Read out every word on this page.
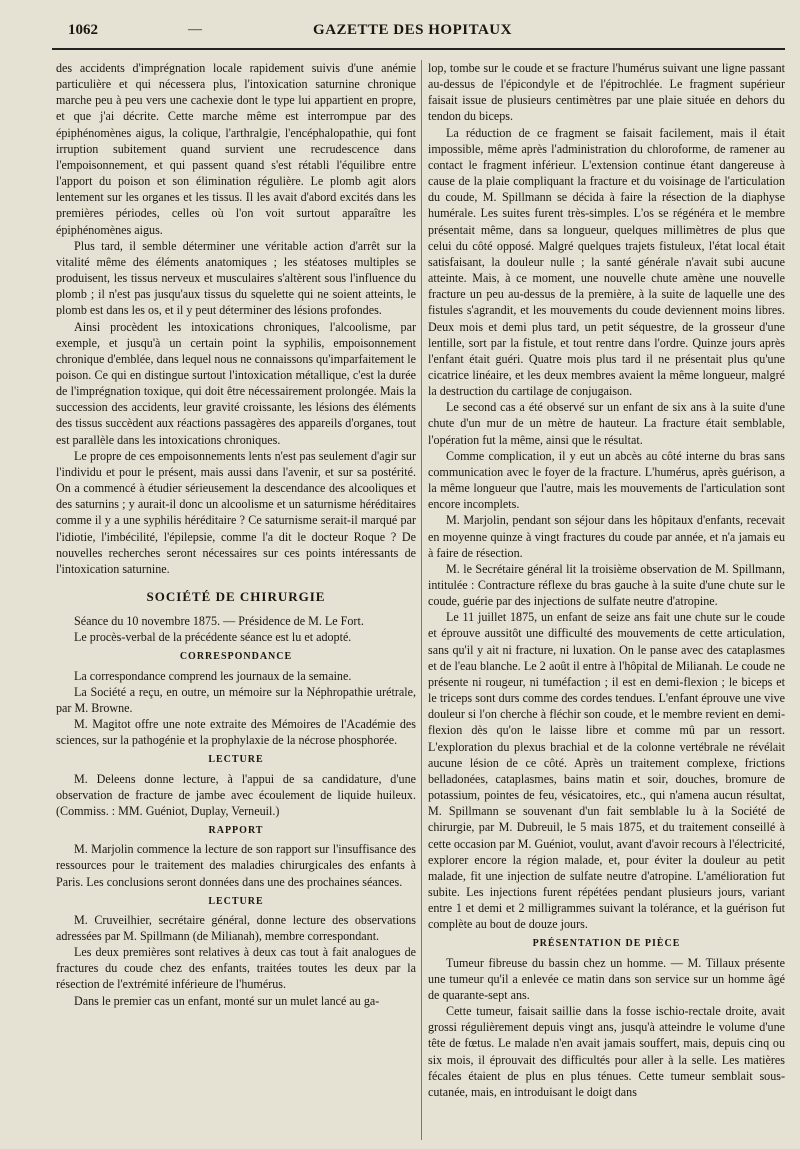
1062	—	GAZETTE DES HOPITAUX

des accidents d'imprégnation locale rapidement suivis d'une anémie particulière et qui nécessera plus, l'intoxication saturnine chronique marche peu à peu vers une cachexie dont le type lui appartient en propre, et que j'ai décrite. Cette marche même est interrompue par des épiphénomènes aigus, la colique, l'arthralgie, l'encéphalopathie, qui font irruption subitement quand survient une recrudescence dans l'empoisonnement, et qui passent quand s'est rétabli l'équilibre entre l'apport du poison et son élimination régulière. Le plomb agit alors lentement sur les organes et les tissus. Il les avait d'abord excités dans les premières périodes, celles où l'on voit surtout apparaître les épiphénomènes aigus.

Plus tard, il semble déterminer une véritable action d'arrêt sur la vitalité même des éléments anatomiques ; les stéatoses multiples se produisent, les tissus nerveux et musculaires s'altèrent sous l'influence du plomb ; il n'est pas jusqu'aux tissus du squelette qui ne soient atteints, le plomb est dans les os, et il y peut déterminer des lésions profondes.

Ainsi procèdent les intoxications chroniques, l'alcoolisme, par exemple, et jusqu'à un certain point la syphilis, empoisonnement chronique d'emblée, dans lequel nous ne connaissons qu'imparfaitement le poison. Ce qui en distingue surtout l'intoxication métallique, c'est la durée de l'imprégnation toxique, qui doit être nécessairement prolongée. Mais la succession des accidents, leur gravité croissante, les lésions des éléments des tissus succèdent aux réactions passagères des appareils d'organes, tout est parallèle dans les intoxications chroniques.

Le propre de ces empoisonnements lents n'est pas seulement d'agir sur l'individu et pour le présent, mais aussi dans l'avenir, et sur sa postérité. On a commencé à étudier sérieusement la descendance des alcooliques et des saturnins ; y aurait-il donc un alcoolisme et un saturnisme héréditaires comme il y a une syphilis héréditaire ? Ce saturnisme serait-il marqué par l'idiotie, l'imbécilité, l'épilepsie, comme l'a dit le docteur Roque ? De nouvelles recherches seront nécessaires sur ces points intéressants de l'intoxication saturnine.

SOCIÉTÉ DE CHIRURGIE

Séance du 10 novembre 1875. — Présidence de M. Le Fort.

Le procès-verbal de la précédente séance est lu et adopté.

CORRESPONDANCE

La correspondance comprend les journaux de la semaine.

La Société a reçu, en outre, un mémoire sur la Néphropathie urétrale, par M. Browne.

M. Magitot offre une note extraite des Mémoires de l'Académie des sciences, sur la pathogénie et la prophylaxie de la nécrose phosphorée.

LECTURE

M. Deleens donne lecture, à l'appui de sa candidature, d'une observation de fracture de jambe avec écoulement de liquide huileux. (Commiss. : MM. Guéniot, Duplay, Verneuil.)

RAPPORT

M. Marjolin commence la lecture de son rapport sur l'insuffisance des ressources pour le traitement des maladies chirurgicales des enfants à Paris. Les conclusions seront données dans une des prochaines séances.

LECTURE

M. Cruveilhier, secrétaire général, donne lecture des observations adressées par M. Spillmann (de Milianah), membre correspondant.

Les deux premières sont relatives à deux cas tout à fait analogues de fractures du coude chez des enfants, traitées toutes les deux par la résection de l'extrémité inférieure de l'humérus.

Dans le premier cas un enfant, monté sur un mulet lancé au ga-

lop, tombe sur le coude et se fracture l'humérus suivant une ligne passant au-dessus de l'épicondyle et de l'épitrochlée. Le fragment supérieur faisait issue de plusieurs centimètres par une plaie située en dehors du tendon du biceps.

La réduction de ce fragment se faisait facilement, mais il était impossible, même après l'administration du chloroforme, de ramener au contact le fragment inférieur. L'extension continue étant dangereuse à cause de la plaie compliquant la fracture et du voisinage de l'articulation du coude, M. Spillmann se décida à faire la résection de la diaphyse humérale. Les suites furent très-simples. L'os se régénéra et le membre présentait même, dans sa longueur, quelques millimètres de plus que celui du côté opposé. Malgré quelques trajets fistuleux, l'état local était satisfaisant, la douleur nulle ; la santé générale n'avait subi aucune atteinte. Mais, à ce moment, une nouvelle chute amène une nouvelle fracture un peu au-dessus de la première, à la suite de laquelle une des fistules s'agrandit, et les mouvements du coude deviennent moins libres. Deux mois et demi plus tard, un petit séquestre, de la grosseur d'une lentille, sort par la fistule, et tout rentre dans l'ordre. Quinze jours après l'enfant était guéri. Quatre mois plus tard il ne présentait plus qu'une cicatrice linéaire, et les deux membres avaient la même longueur, malgré la destruction du cartilage de conjugaison.

Le second cas a été observé sur un enfant de six ans à la suite d'une chute d'un mur de un mètre de hauteur. La fracture était semblable, l'opération fut la même, ainsi que le résultat.

Comme complication, il y eut un abcès au côté interne du bras sans communication avec le foyer de la fracture. L'humérus, après guérison, a la même longueur que l'autre, mais les mouvements de l'articulation sont encore incomplets.

M. Marjolin, pendant son séjour dans les hôpitaux d'enfants, recevait en moyenne quinze à vingt fractures du coude par année, et n'a jamais eu à faire de résection.

M. le Secrétaire général lit la troisième observation de M. Spillmann, intitulée : Contracture réflexe du bras gauche à la suite d'une chute sur le coude, guérie par des injections de sulfate neutre d'atropine.

Le 11 juillet 1875, un enfant de seize ans fait une chute sur le coude et éprouve aussitôt une difficulté des mouvements de cette articulation, sans qu'il y ait ni fracture, ni luxation. On le panse avec des cataplasmes et de l'eau blanche. Le 2 août il entre à l'hôpital de Milianah. Le coude ne présente ni rougeur, ni tuméfaction ; il est en demi-flexion ; le biceps et le triceps sont durs comme des cordes tendues. L'enfant éprouve une vive douleur si l'on cherche à fléchir son coude, et le membre revient en demi-flexion dès qu'on le laisse libre et comme mû par un ressort. L'exploration du plexus brachial et de la colonne vertébrale ne révélait aucune lésion de ce côté. Après un traitement complexe, frictions belladonées, cataplasmes, bains matin et soir, douches, bromure de potassium, pointes de feu, vésicatoires, etc., qui n'amena aucun résultat, M. Spillmann se souvenant d'un fait semblable lu à la Société de chirurgie, par M. Dubreuil, le 5 mais 1875, et du traitement conseillé à cette occasion par M. Guéniot, voulut, avant d'avoir recours à l'électricité, explorer encore la région malade, et, pour éviter la douleur au petit malade, fit une injection de sulfate neutre d'atropine. L'amélioration fut subite. Les injections furent répétées pendant plusieurs jours, variant entre 1 et demi et 2 milligrammes suivant la tolérance, et la guérison fut complète au bout de douze jours.

PRÉSENTATION DE PIÈCE

Tumeur fibreuse du bassin chez un homme. — M. Tillaux présente une tumeur qu'il a enlevée ce matin dans son service sur un homme âgé de quarante-sept ans.

Cette tumeur, faisait saillie dans la fosse ischio-rectale droite, avait grossi régulièrement depuis vingt ans, jusqu'à atteindre le volume d'une tête de fœtus. Le malade n'en avait jamais souffert, mais, depuis cinq ou six mois, il éprouvait des difficultés pour aller à la selle. Les matières fécales étaient de plus en plus ténues. Cette tumeur semblait sous-cutanée, mais, en introduisant le doigt dans
